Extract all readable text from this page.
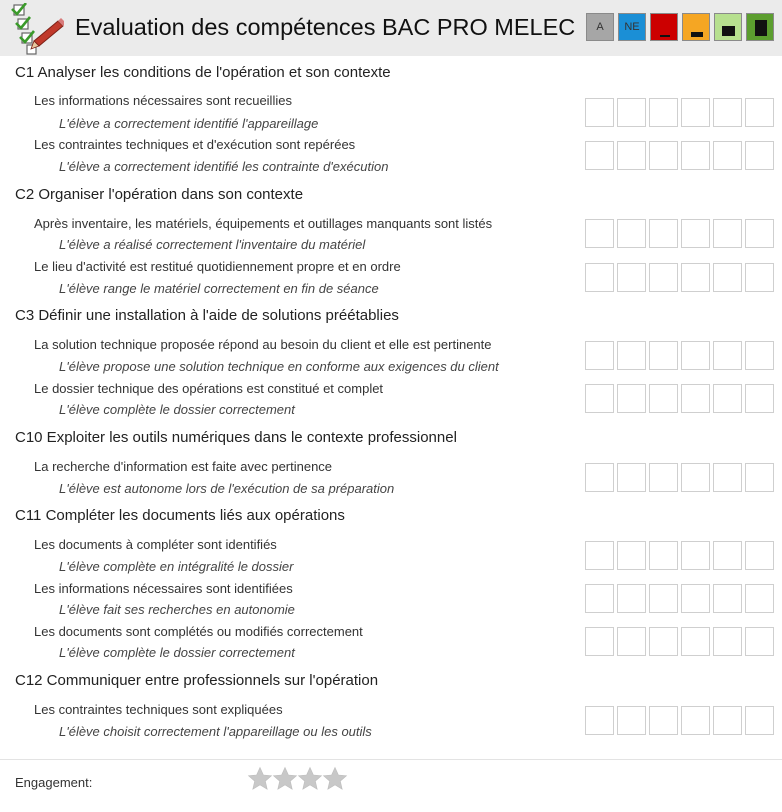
Evaluation des compétences BAC PRO MELEC A NE
C1 Analyser les conditions de l'opération et son contexte
Les informations nécessaires sont recueillies
L'élève a correctement identifié l'appareillage
Les contraintes techniques et d'exécution sont repérées
L'élève a correctement identifié les contrainte d'exécution
C2 Organiser l'opération dans son contexte
Après inventaire, les matériels, équipements et outillages manquants sont listés
L'élève a réalisé correctement l'inventaire du matériel
Le lieu d'activité est restitué quotidiennement propre et en ordre
L'élève range le matériel correctement en fin de séance
C3 Définir une installation à l'aide de solutions préétablies
La solution technique proposée répond au besoin du client et elle est pertinente
L'élève propose une solution technique en conforme aux exigences du client
Le dossier technique des opérations est constitué et complet
L'élève complète le dossier correctement
C10 Exploiter les outils numériques dans le contexte professionnel
La recherche d'information est faite avec pertinence
L'élève est autonome lors de l'exécution de sa préparation
C11 Compléter les documents liés aux opérations
Les documents à compléter sont identifiés
L'élève complète en intégralité le dossier
Les informations nécessaires sont identifiées
L'élève fait ses recherches en autonomie
Les documents sont complétés ou modifiés correctement
L'élève complète le dossier correctement
C12 Communiquer entre professionnels sur l'opération
Les contraintes techniques sont expliquées
L'élève choisit correctement l'appareillage ou les outils
Engagement:
